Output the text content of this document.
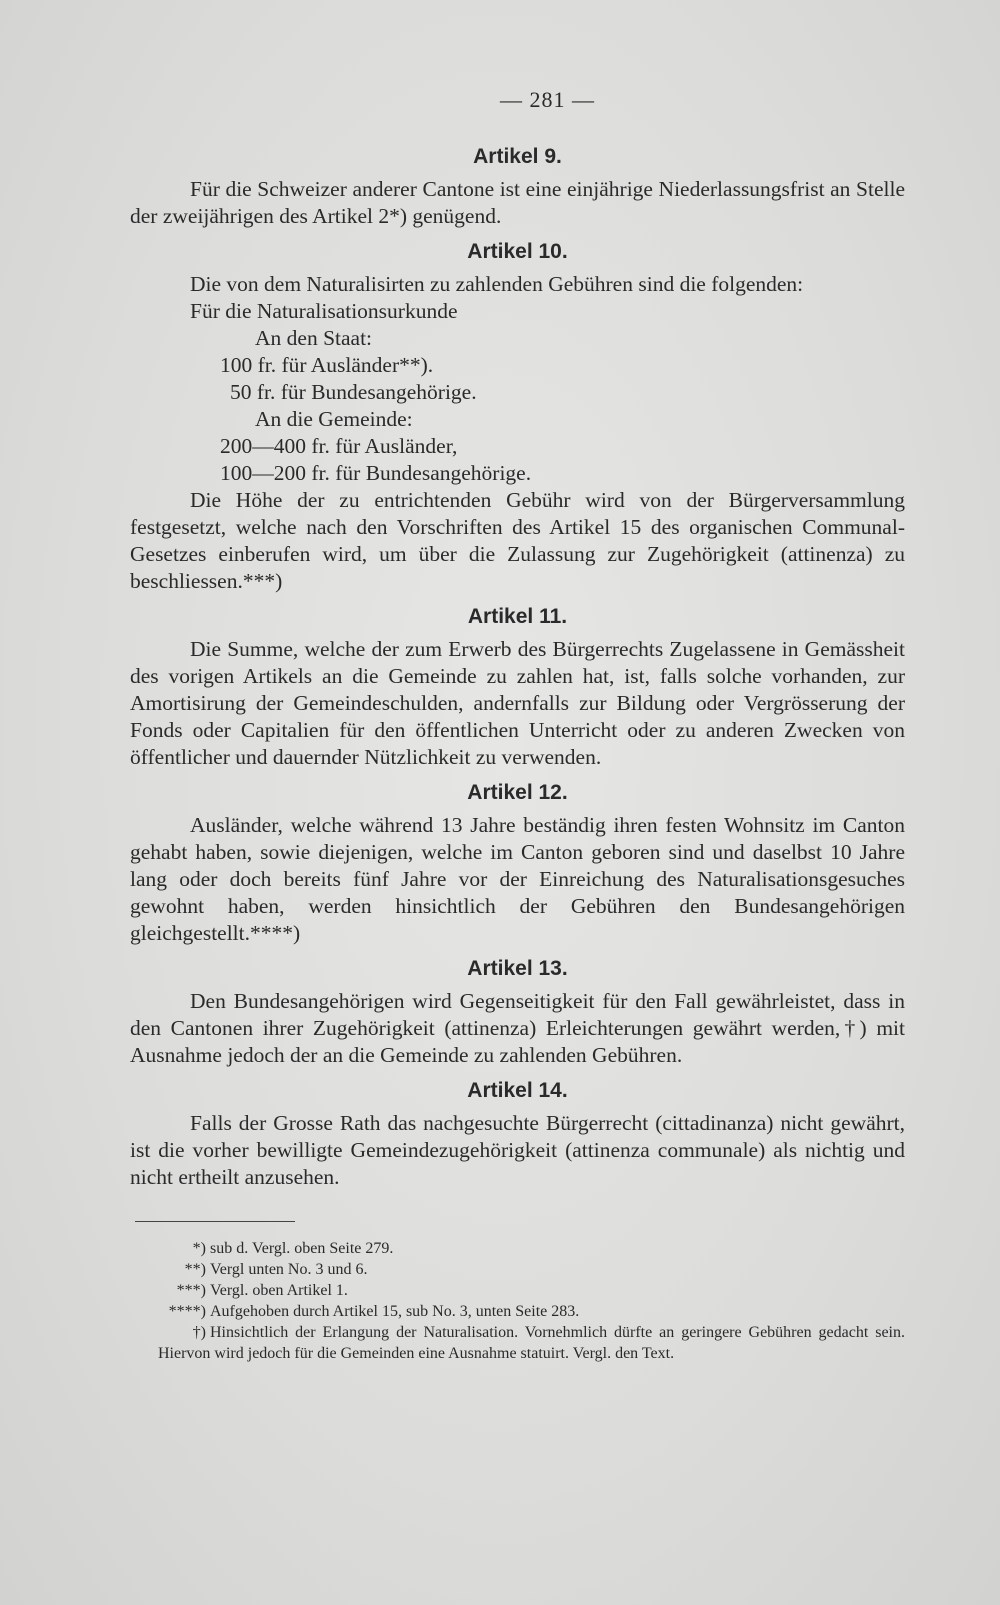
— 281 —
Artikel 9.

Für die Schweizer anderer Cantone ist eine einjährige Niederlassungsfrist an Stelle der zweijährigen des Artikel 2*) genügend.

Artikel 10.

Die von dem Naturalisirten zu zahlenden Gebühren sind die folgenden:

Für die Naturalisationsurkunde
An den Staat:
100 fr. für Ausländer**).
50 fr. für Bundesangehörige.
An die Gemeinde:
200—400 fr. für Ausländer,
100—200 fr. für Bundesangehörige.

Die Höhe der zu entrichtenden Gebühr wird von der Bürgerversammlung festgesetzt, welche nach den Vorschriften des Artikel 15 des organischen Communal-Gesetzes einberufen wird, um über die Zulassung zur Zugehörigkeit (attinenza) zu beschliessen.***)

Artikel 11.

Die Summe, welche der zum Erwerb des Bürgerrechts Zugelassene in Gemässheit des vorigen Artikels an die Gemeinde zu zahlen hat, ist, falls solche vorhanden, zur Amortisirung der Gemeindeschulden, andernfalls zur Bildung oder Vergrösserung der Fonds oder Capitalien für den öffentlichen Unterricht oder zu anderen Zwecken von öffentlicher und dauernder Nützlichkeit zu verwenden.

Artikel 12.

Ausländer, welche während 13 Jahre beständig ihren festen Wohnsitz im Canton gehabt haben, sowie diejenigen, welche im Canton geboren sind und daselbst 10 Jahre lang oder doch bereits fünf Jahre vor der Einreichung des Naturalisationsgesuches gewohnt haben, werden hinsichtlich der Gebühren den Bundesangehörigen gleichgestellt.****)

Artikel 13.

Den Bundesangehörigen wird Gegenseitigkeit für den Fall gewährleistet, dass in den Cantonen ihrer Zugehörigkeit (attinenza) Erleichterungen gewährt werden,†) mit Ausnahme jedoch der an die Gemeinde zu zahlenden Gebühren.

Artikel 14.

Falls der Grosse Rath das nachgesuchte Bürgerrecht (cittadinanza) nicht gewährt, ist die vorher bewilligte Gemeindezugehörigkeit (attinenza communale) als nichtig und nicht ertheilt anzusehen.

*) sub d. Vergl. oben Seite 279.
**) Vergl unten No. 3 und 6.
***) Vergl. oben Artikel 1.
****) Aufgehoben durch Artikel 15, sub No. 3, unten Seite 283.
†) Hinsichtlich der Erlangung der Naturalisation. Vornehmlich dürfte an geringere Gebühren gedacht sein. Hiervon wird jedoch für die Gemeinden eine Ausnahme statuirt. Vergl. den Text.
